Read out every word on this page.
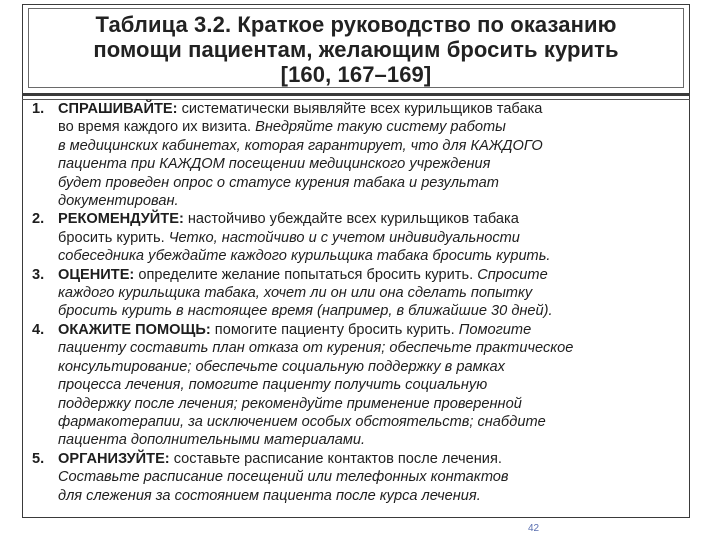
Таблица 3.2. Краткое руководство по оказанию
помощи пациентам, желающим бросить курить
[160, 167–169]
1. СПРАШИВАЙТЕ: систематически выявляйте всех курильщиков табака
во время каждого их визита. Внедряйте такую систему работы
в медицинских кабинетах, которая гарантирует, что для КАЖДОГО
пациента при КАЖДОМ посещении медицинского учреждения
будет проведен опрос о статусе курения табака и результат
документирован.
2. РЕКОМЕНДУЙТЕ: настойчиво убеждайте всех курильщиков табака
бросить курить. Четко, настойчиво и с учетом индивидуальности
собеседника убеждайте каждого курильщика табака бросить курить.
3. ОЦЕНИТЕ: определите желание попытаться бросить курить. Спросите
каждого курильщика табака, хочет ли он или она сделать попытку
бросить курить в настоящее время (например, в ближайшие 30 дней).
4. ОКАЖИТЕ ПОМОЩЬ: помогите пациенту бросить курить. Помогите
пациенту составить план отказа от курения; обеспечьте практическое
консультирование; обеспечьте социальную поддержку в рамках
процесса лечения, помогите пациенту получить социальную
поддержку после лечения; рекомендуйте применение проверенной
фармакотерапии, за исключением особых обстоятельств; снабдите
пациента дополнительными материалами.
5. ОРГАНИЗУЙТЕ: составьте расписание контактов после лечения.
Составьте расписание посещений или телефонных контактов
для слежения за состоянием пациента после курса лечения.
42
